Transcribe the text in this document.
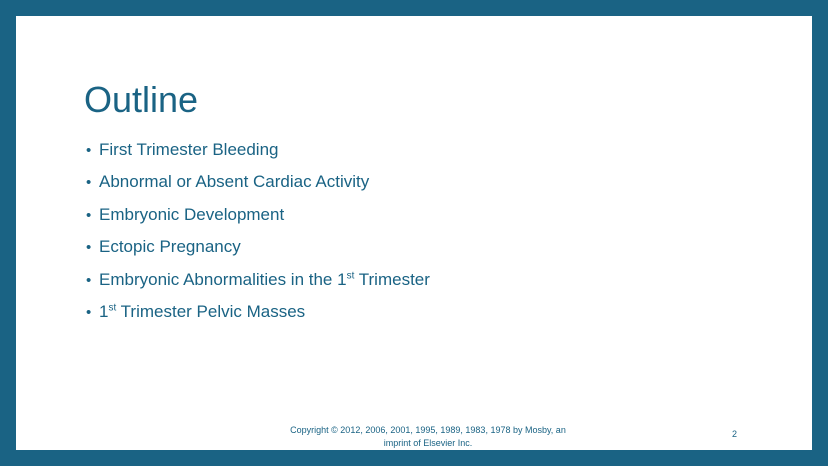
Outline
• First Trimester Bleeding
• Abnormal or Absent Cardiac Activity
• Embryonic Development
• Ectopic Pregnancy
• Embryonic Abnormalities in the 1st Trimester
• 1st Trimester Pelvic Masses
Copyright © 2012, 2006, 2001, 1995, 1989, 1983, 1978 by Mosby, an
imprint of Elsevier Inc.
2
